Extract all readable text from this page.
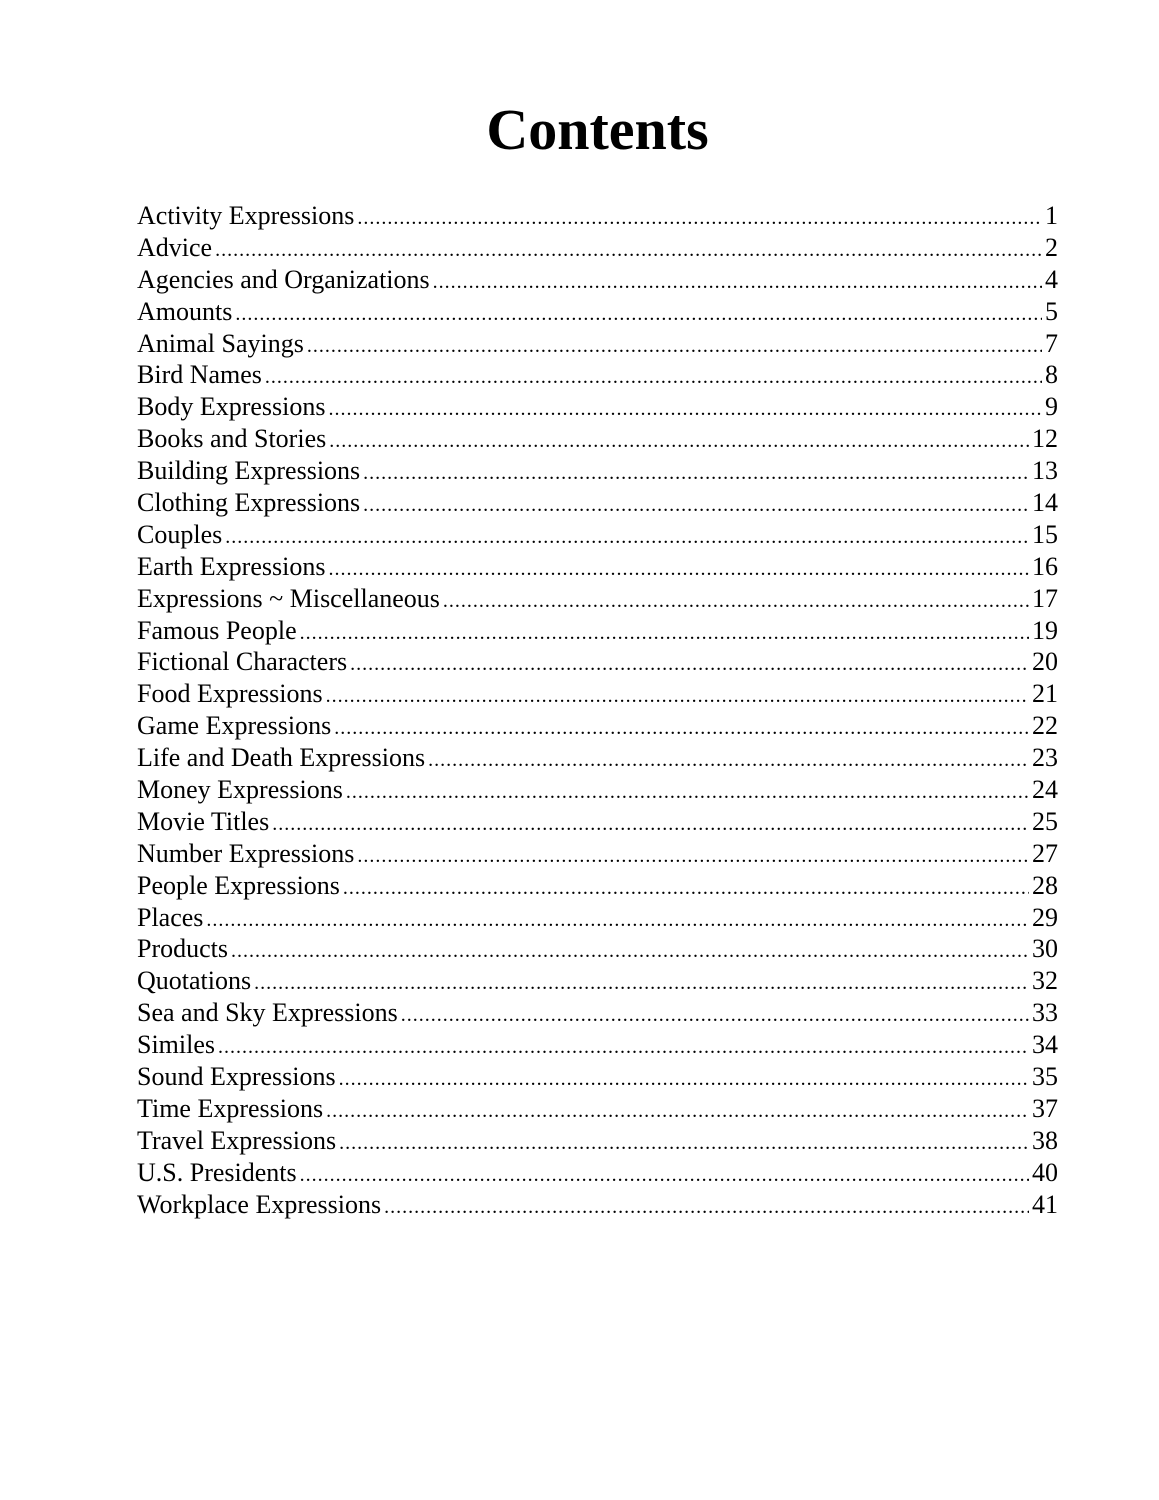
Contents
Activity Expressions .....	1
Advice .....	2
Agencies and Organizations .....	4
Amounts .....	5
Animal Sayings .....	7
Bird Names .....	8
Body Expressions .....	9
Books and Stories .....	12
Building Expressions .....	13
Clothing Expressions .....	14
Couples .....	15
Earth Expressions .....	16
Expressions ~ Miscellaneous .....	17
Famous People .....	19
Fictional Characters .....	20
Food Expressions .....	21
Game Expressions .....	22
Life and Death Expressions .....	23
Money Expressions .....	24
Movie Titles .....	25
Number Expressions .....	27
People Expressions .....	28
Places .....	29
Products .....	30
Quotations .....	32
Sea and Sky Expressions .....	33
Similes .....	34
Sound Expressions .....	35
Time Expressions .....	37
Travel Expressions .....	38
U.S. Presidents .....	40
Workplace Expressions .....	41
